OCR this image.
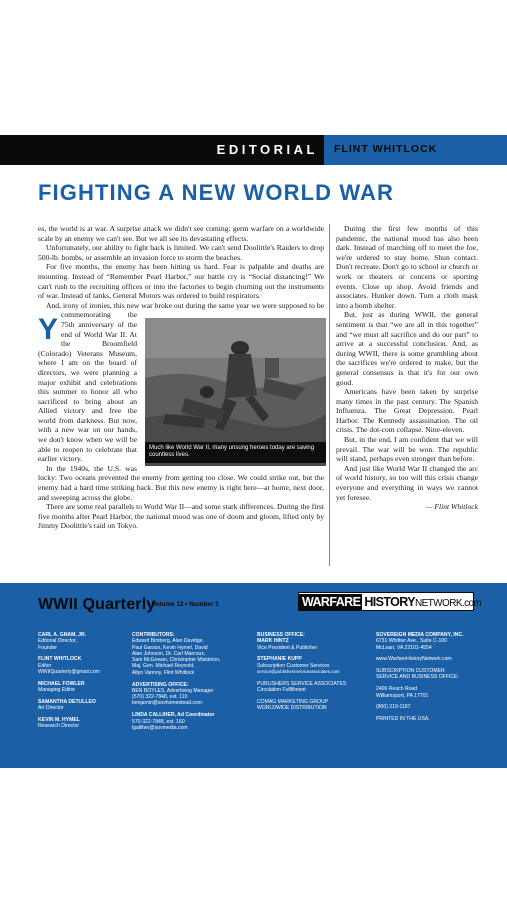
EDITORIAL FLINT WHITLOCK
FIGHTING A NEW WORLD WAR
Y

es, the world is at war. A surprise attack we didn't see coming: germ warfare on a worldwide scale by an enemy we can't see. But we all see its devastating effects.

Unfortunately, our ability to fight back is limited. We can't send Doolittle's Raiders to drop 500-lb. bombs, or assemble an invasion force to storm the beaches.

For five months, the enemy has been hitting us hard. Fear is palpable and deaths are mounting. Instead of “Remember Pearl Harbor,” our battle cry is “Social distancing!” We can't rush to the recruiting offices or into the factories to begin churning out the instruments of war. Instead of tanks, General Motors was ordered to build respirators.

And, irony of ironies, this new war broke out during the same year we were supposed to be commemorating the 75th anniversary of the end of World War II. At the Broomfield (Colorado) Veterans Museum, where I am on the board of directors, we were planning a major exhibit and celebrations this summer to honor all who sacrificed to bring about an Allied victory and free the world from darkness. But now, with a new war on our hands, we don't know when we will be able to reopen to celebrate that earlier victory.

In the 1940s, the U.S. was lucky: Two oceans prevented the enemy from getting too close. We could strike out, but the enemy had a hard time striking back. But this new enemy is right here—at home, next door, and sweeping across the globe.

There are some real parallels to World War II—and some stark differences. During the first five months after Pearl Harbor, the national mood was one of doom and gloom, lifted only by Jimmy Doolittle's raid on Tokyo.

During the first few months of this pandemic, the national mood has also been dark. Instead of marching off to meet the foe, we're ordered to stay home. Shun contact. Don't recreate. Don't go to school or church or work or theaters or concerts or sporting events. Close up shop. Avoid friends and associates. Hunker down. Turn a cloth mask into a bomb shelter.

But, just as during WWII, the general sentiment is that “we are all in this together” and “we must all sacrifice and do our part” to arrive at a successful conclusion. And, as during WWII, there is some grumbling about the sacrifices we're ordered to make, but the general consensus is that it's for our own good.

Americans have been taken by surprise many times in the past century. The Spanish Influenza. The Great Depression. Pearl Harbor. The Kennedy assassination. The oil crisis. The dot-com collapse. Nine-eleven.

But, in the end, I am confident that we will prevail. The war will be won. The republic will stand, perhaps even stronger than before.

And just like World War II changed the arc of world history, so too will this crisis change everyone and everything in ways we cannot yet foresee.

— Flint Whitlock

Much like World War II, many unsung heroes today are saving countless lives.
WWII Quarterly
Volume 12 • Number 1	WARFARE HISTORYNETWORK.com
CARL A. GNAM, JR.
Editorial Director,
Founder
FLINT WHITLOCK
Editor
WWIIQuarterly@gmail.com
MICHAEL FOWLER
Managing Editor
SAMANTHA DETULLEO
Art Director
KEVIN M. HYMEL
Research Director
CONTRIBUTORS:
Edward Bimberg, Alan Davidge,
Paul Garson, Kevin Hymel, David
Alan Johnson, Dr. Carl Marcoux,
Sam McGowan, Christopher Miskimon,
Maj. Gen. Michael Reynold,
Allyn Vannoy, Flint Whitlock
ADVERTISING OFFICE:
BEN BOYLES, Advertising Manager
(570) 322-7848, ext. 110
benjamin@sovhomestead.com
LINDA CALLIHER, Ad Coordinator
570-322-7848, ext. 160
lgalliher@sovmedia.com
BUSINESS OFFICE:
MARK HINTZ
Vice President & Publisher
STEPHANIE KUPP
Subscription Customer Services
service@publishersserviceassociates.com
PUBLISHERS SERVICE ASSOCIATES
Circulation Fulfillment
COMAG MARKETING GROUP
WORLDWIDE DISTRIBUTION
SOVEREIGN MEDIA COMPANY, INC.
6731 Whittier Ave., Suite C-100
McLean, VA 22101-4554
www.WarfareHistoryNetwork.com
SUBSCRIPTION CUSTOMER
SERVICE AND BUSINESS OFFICE:
2406 Reach Road
Williamsport, PA 17701
(800) 219-1187
PRINTED IN THE USA.
